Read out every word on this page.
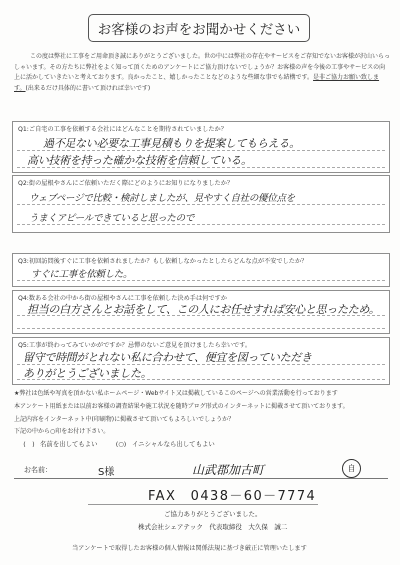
お客様のお声をお聞かせください
この度は弊社に工事をご用命頂き誠にありがとうございました。世の中には弊社の存在やサービスをご存知でないお客様が沢山いらっしゃいます。その方たちに弊社をよく知って頂くためのアンケートにご協力頂けないでしょうか？お客様の声を今後の工事やサービスの向上に活かしていきたいと考えております。良かったこと、嬉しかったことなどのような些細な事でも結構です。是非ご協力お願い致します。(出来るだけ具体的に書いて頂ければ幸いです)
Q1:ご自宅の工事を依頼する会社にはどんなことを期待されていましたか？
過不足ない必要な工事見積もりを提案してもらえる。
高い技術を持った確かな技術を信頼している。
Q2:街の屋根やさんにご依頼いただく際にどのようにお知りになりましたか？
ウェブページで比較・検討しましたが、見やすく自社の優位点を
うまくアピールできていると思ったので
Q3:初回訪問後すぐに工事を依頼されましたか？もし依頼しなかったとしたらどんな点が不安でしたか？
すぐに工事を依頼した。
Q4:数ある会社の中から街の屋根やさんに工事を依頼した決め手は何ですか
担当の白方さんとお話をして、この人にお任せすれば安心と思ったため。
Q5:工事が終わってみていかがですか？忌憚のないご意見を頂けましたら幸いです。
留守で時間がとれない私に合わせて、便宜を図っていただき
ありがとうございました。
★弊社は色紙や写真を頂かない私ホームページ・Webサイト又は掲載しているこのページへの営業活動を行っております
本アンケート用紙または以前お客様の調査結果や施工状況を随時ブログ形式のインターネットに掲載させて頂いております。
上記内容をインターネット中(印刷物)に掲載させて頂いてもよろしいでしょうか？
下記の中から○印をお付け下さい。
(　) 名前を出してもよい	(○) イニシャルなら出してもよい
お名前：	S様	山武郡加古町	自
FAX　0438－60－7774
ご協力ありがとうございました。
株式会社シェアテック　代表取締役　大久保　誠二
当アンケートで取得したお客様の個人情報は関係法規に基づき厳正に管理いたします
